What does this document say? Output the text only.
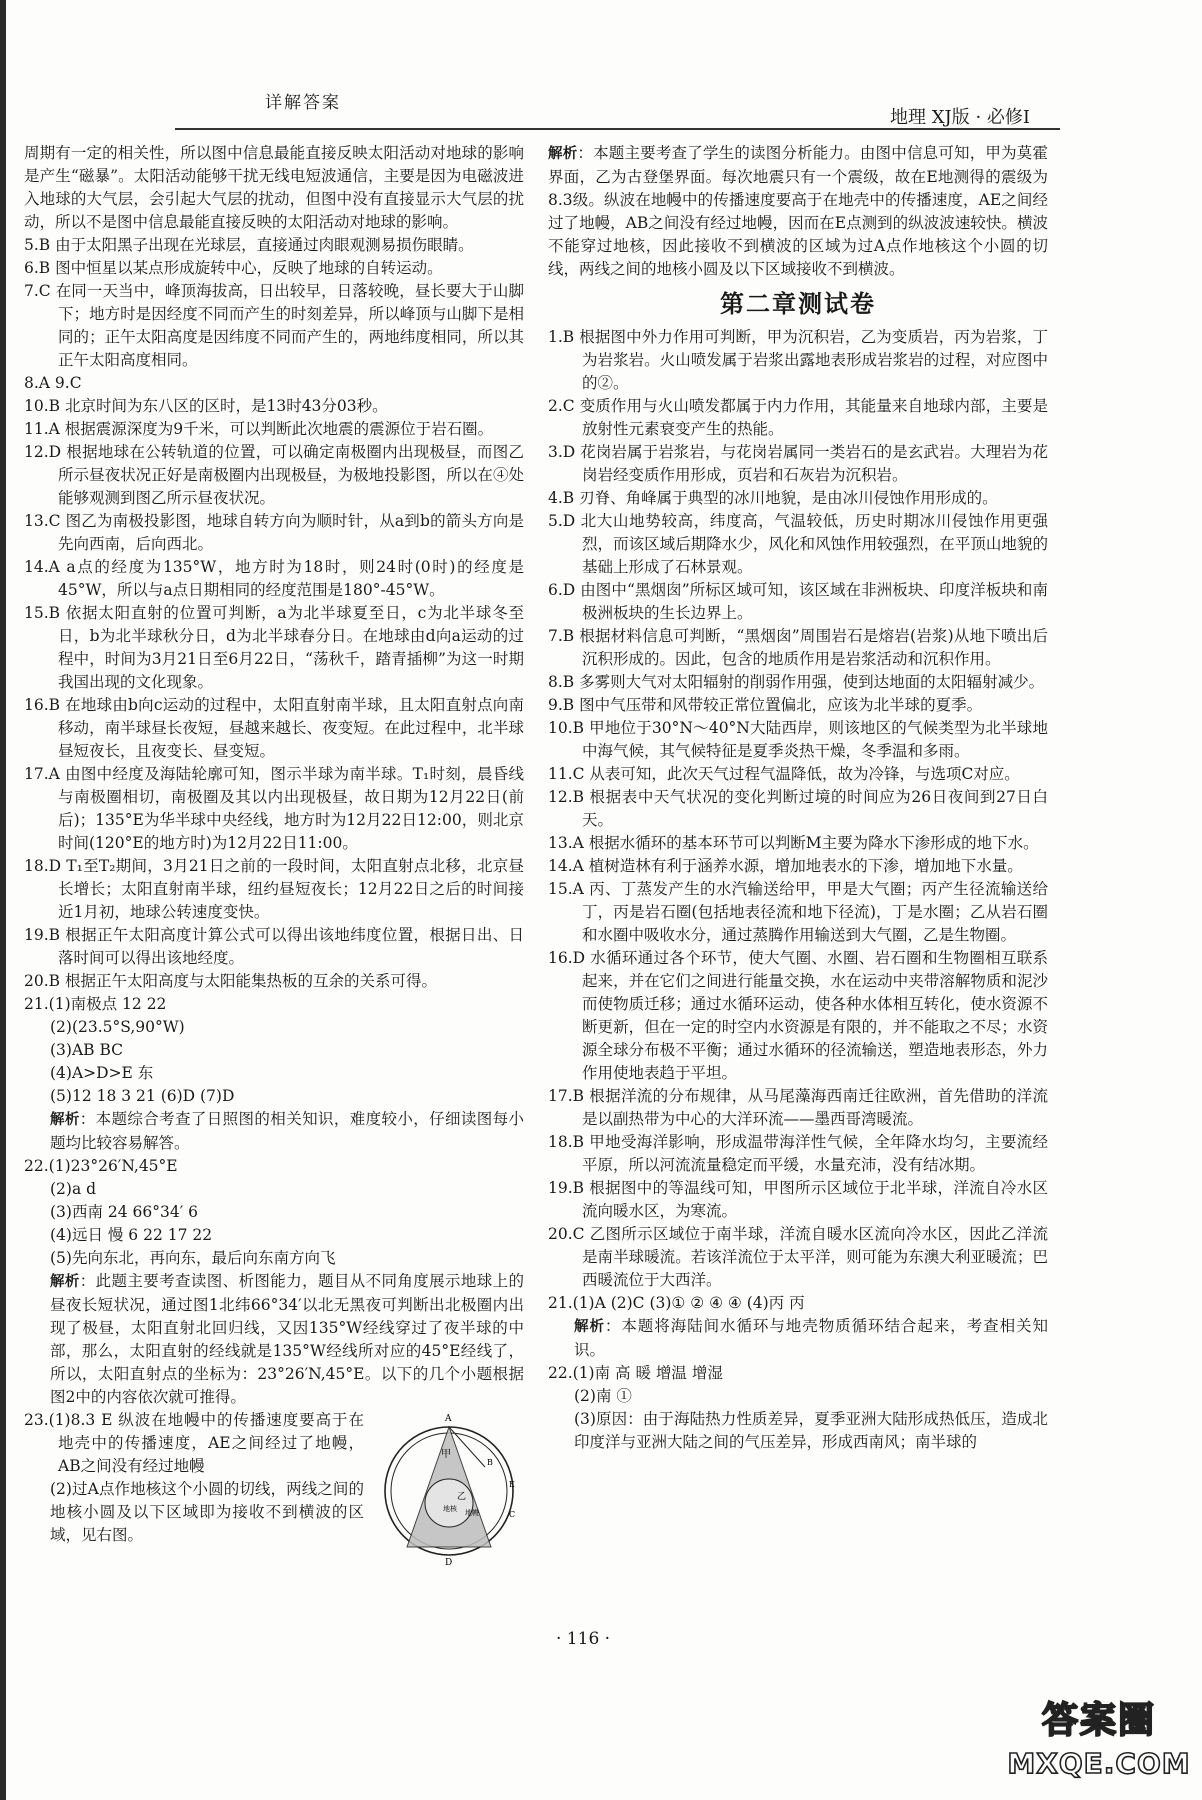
详解答案
地理 XJ版 · 必修Ⅰ

周期有一定的相关性，所以图中信息最能直接反映太阳活动对地球的影响是产生“磁暴”。太阳活动能够干扰无线电短波通信，主要是因为电磁波进入地球的大气层，会引起大气层的扰动，但图中没有直接显示大气层的扰动，所以不是图中信息最能直接反映的太阳活动对地球的影响。

5.B 由于太阳黑子出现在光球层，直接通过肉眼观测易损伤眼睛。

6.B 图中恒星以某点形成旋转中心，反映了地球的自转运动。

7.C 在同一天当中，峰顶海拔高，日出较早，日落较晚，昼长要大于山脚下；地方时是因经度不同而产生的时刻差异，所以峰顶与山脚下是相同的；正午太阳高度是因纬度不同而产生的，两地纬度相同，所以其正午太阳高度相同。

8.A 9.C

10.B 北京时间为东八区的区时，是13时43分03秒。

11.A 根据震源深度为9千米，可以判断此次地震的震源位于岩石圈。

12.D 根据地球在公转轨道的位置，可以确定南极圈内出现极昼，而图乙所示昼夜状况正好是南极圈内出现极昼，为极地投影图，所以在④处能够观测到图乙所示昼夜状况。

13.C 图乙为南极投影图，地球自转方向为顺时针，从a到b的箭头方向是先向西南，后向西北。

14.A a点的经度为135°W，地方时为18时，则24时(0时)的经度是45°W，所以与a点日期相同的经度范围是180°-45°W。

15.B 依据太阳直射的位置可判断，a为北半球夏至日，c为北半球冬至日，b为北半球秋分日，d为北半球春分日。在地球由d向a运动的过程中，时间为3月21日至6月22日，“荡秋千，踏青插柳”为这一时期我国出现的文化现象。

16.B 在地球由b向c运动的过程中，太阳直射南半球，且太阳直射点向南移动，南半球昼长夜短，昼越来越长、夜变短。在此过程中，北半球昼短夜长，且夜变长、昼变短。

17.A 由图中经度及海陆轮廓可知，图示半球为南半球。T₁时刻，晨昏线与南极圈相切，南极圈及其以内出现极昼，故日期为12月22日(前后)；135°E为华半球中央经线，地方时为12月22日12:00，则北京时间(120°E的地方时)为12月22日11:00。

18.D T₁至T₂期间，3月21日之前的一段时间，太阳直射点北移，北京昼长增长；太阳直射南半球，纽约昼短夜长；12月22日之后的时间接近1月初，地球公转速度变快。

19.B 根据正午太阳高度计算公式可以得出该地纬度位置，根据日出、日落时间可以得出该地经度。

20.B 根据正午太阳高度与太阳能集热板的互余的关系可得。

21.(1)南极点 12 22

(2)(23.5°S,90°W)

(3)AB BC

(4)A>D>E 东

(5)12 18 3 21 (6)D (7)D

解析：本题综合考查了日照图的相关知识，难度较小，仔细读图每小题均比较容易解答。

22.(1)23°26′N,45°E

(2)a d

(3)西南 24 66°34′ 6

(4)远日 慢 6 22 17 22

(5)先向东北，再向东，最后向东南方向飞

解析：此题主要考查读图、析图能力，题目从不同角度展示地球上的昼夜长短状况，通过图1北纬66°34′以北无黑夜可判断出北极圈内出现了极昼，太阳直射北回归线，又因135°W经线穿过了夜半球的中部，那么，太阳直射的经线就是135°W经线所对应的45°E经线了，所以，太阳直射点的坐标为：23°26′N,45°E。以下的几个小题根据图2中的内容依次就可推得。

23.(1)8.3 E 纵波在地幔中的传播速度要高于在地壳中的传播速度，AE之间经过了地幔，AB之间没有经过地幔

(2)过A点作地核这个小圆的切线，两线之间的地核小圆及以下区域即为接收不到横波的区域，见右图。

A
甲
乙
B
C
D
地幔
地核
E

解析：本题主要考查了学生的读图分析能力。由图中信息可知，甲为莫霍界面，乙为古登堡界面。每次地震只有一个震级，故在E地测得的震级为8.3级。纵波在地幔中的传播速度要高于在地壳中的传播速度，AE之间经过了地幔，AB之间没有经过地幔，因而在E点测到的纵波波速较快。横波不能穿过地核，因此接收不到横波的区域为过A点作地核这个小圆的切线，两线之间的地核小圆及以下区域接收不到横波。

第二章测试卷

1.B 根据图中外力作用可判断，甲为沉积岩，乙为变质岩，丙为岩浆，丁为岩浆岩。火山喷发属于岩浆出露地表形成岩浆岩的过程，对应图中的②。

2.C 变质作用与火山喷发都属于内力作用，其能量来自地球内部，主要是放射性元素衰变产生的热能。

3.D 花岗岩属于岩浆岩，与花岗岩属同一类岩石的是玄武岩。大理岩为花岗岩经变质作用形成，页岩和石灰岩为沉积岩。

4.B 刃脊、角峰属于典型的冰川地貌，是由冰川侵蚀作用形成的。

5.D 北大山地势较高，纬度高，气温较低，历史时期冰川侵蚀作用更强烈，而该区域后期降水少，风化和风蚀作用较强烈，在平顶山地貌的基础上形成了石林景观。

6.D 由图中“黑烟囱”所标区域可知，该区域在非洲板块、印度洋板块和南极洲板块的生长边界上。

7.B 根据材料信息可判断，“黑烟囱”周围岩石是熔岩(岩浆)从地下喷出后沉积形成的。因此，包含的地质作用是岩浆活动和沉积作用。

8.B 多雾则大气对太阳辐射的削弱作用强，使到达地面的太阳辐射减少。

9.B 图中气压带和风带较正常位置偏北，应该为北半球的夏季。

10.B 甲地位于30°N～40°N大陆西岸，则该地区的气候类型为北半球地中海气候，其气候特征是夏季炎热干燥，冬季温和多雨。

11.C 从表可知，此次天气过程气温降低，故为冷锋，与选项C对应。

12.B 根据表中天气状况的变化判断过境的时间应为26日夜间到27日白天。

13.A 根据水循环的基本环节可以判断M主要为降水下渗形成的地下水。

14.A 植树造林有利于涵养水源，增加地表水的下渗，增加地下水量。

15.A 丙、丁蒸发产生的水汽输送给甲，甲是大气圈；丙产生径流输送给丁，丙是岩石圈(包括地表径流和地下径流)，丁是水圈；乙从岩石圈和水圈中吸收水分，通过蒸腾作用输送到大气圈，乙是生物圈。

16.D 水循环通过各个环节，使大气圈、水圈、岩石圈和生物圈相互联系起来，并在它们之间进行能量交换，水在运动中夹带溶解物质和泥沙而使物质迁移；通过水循环运动，使各种水体相互转化，使水资源不断更新，但在一定的时空内水资源是有限的，并不能取之不尽；水资源全球分布极不平衡；通过水循环的径流输送，塑造地表形态，外力作用使地表趋于平坦。

17.B 根据洋流的分布规律，从马尾藻海西南迁往欧洲，首先借助的洋流是以副热带为中心的大洋环流——墨西哥湾暖流。

18.B 甲地受海洋影响，形成温带海洋性气候，全年降水均匀，主要流经平原，所以河流流量稳定而平缓，水量充沛，没有结冰期。

19.B 根据图中的等温线可知，甲图所示区域位于北半球，洋流自冷水区流向暖水区，为寒流。

20.C 乙图所示区域位于南半球，洋流自暖水区流向冷水区，因此乙洋流是南半球暖流。若该洋流位于太平洋，则可能为东澳大利亚暖流；巴西暖流位于大西洋。

21.(1)A (2)C (3)① ② ④ ④ (4)丙 丙

解析：本题将海陆间水循环与地壳物质循环结合起来，考查相关知识。

22.(1)南 高 暖 增温 增湿

(2)南 ①

(3)原因：由于海陆热力性质差异，夏季亚洲大陆形成热低压，造成北印度洋与亚洲大陆之间的气压差异，形成西南风；南半球的

· 116 ·
答案圈
MXQE.COM
